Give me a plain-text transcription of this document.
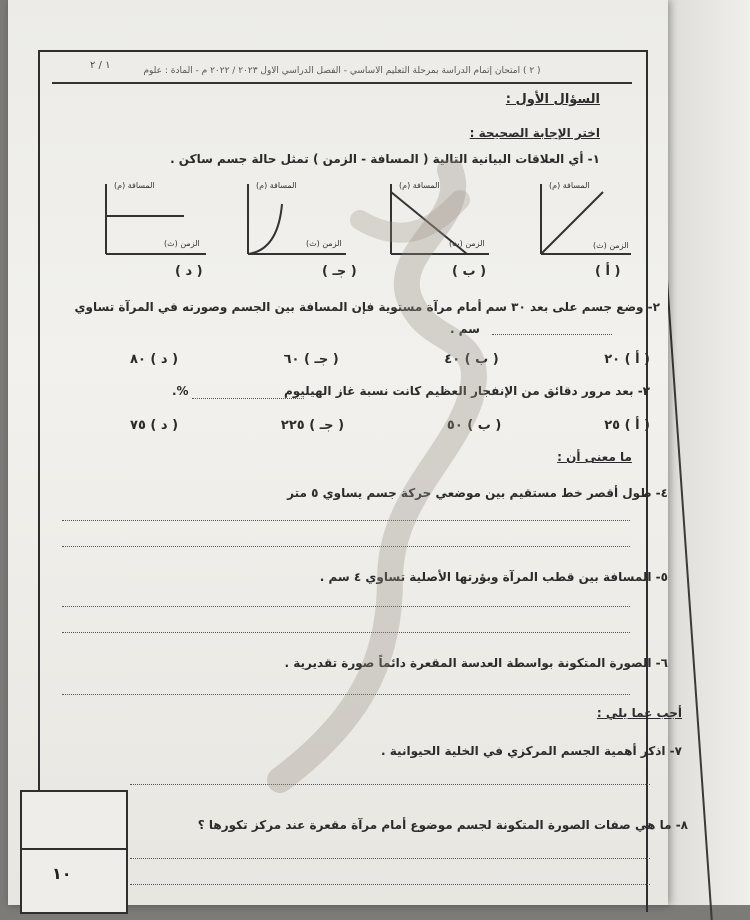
( ٢ ) امتحان إتمام الدراسة بمرحلة التعليم الأساسي - الفصل الدراسي الأول ٢٠٢٣ / ٢٠٢٢ م - المادة : علوم
١ / ٢
السؤال الأول :
اختر الإجابة الصحيحة :
١- أي العلاقات البيانية التالية ( المسافة - الزمن ) تمثل حالة جسم ساكن .
المسافة (م)
الزمن (ث)
المسافة (م)
الزمن (ث)
المسافة (م)
الزمن (ث)
المسافة (م)
الزمن (ث)
( أ )
( ب )
( جـ )
( د )
٢- وضع جسم على بعد ٣٠ سم أمام مرآة مستوية فإن المسافة بين الجسم وصورته في المرآة تساوي
سم .
( أ ) ٢٠
( ب ) ٤٠
( جـ ) ٦٠
( د ) ٨٠
٣- بعد مرور دقائق من الإنفجار العظيم كانت نسبة غاز الهيليوم
%.
( أ ) ٢٥
( ب ) ٥٠
( جـ ) ٢٢٥
( د ) ٧٥
ما معنى أن :
٤- طول أقصر خط مستقيم بين موضعي حركة جسم يساوي ٥ متر
٥- المسافة بين قطب المرآة وبؤرتها الأصلية تساوي ٤ سم .
٦- الصورة المتكونة بواسطة العدسة المقعرة دائماً صورة تقديرية .
أجب عما يلي :
٧- اذكر أهمية الجسم المركزي في الخلية الحيوانية .
٨- ما هي صفات الصورة المتكونة لجسم موضوع أمام مرآة مقعرة عند مركز تكورها ؟
١٠
